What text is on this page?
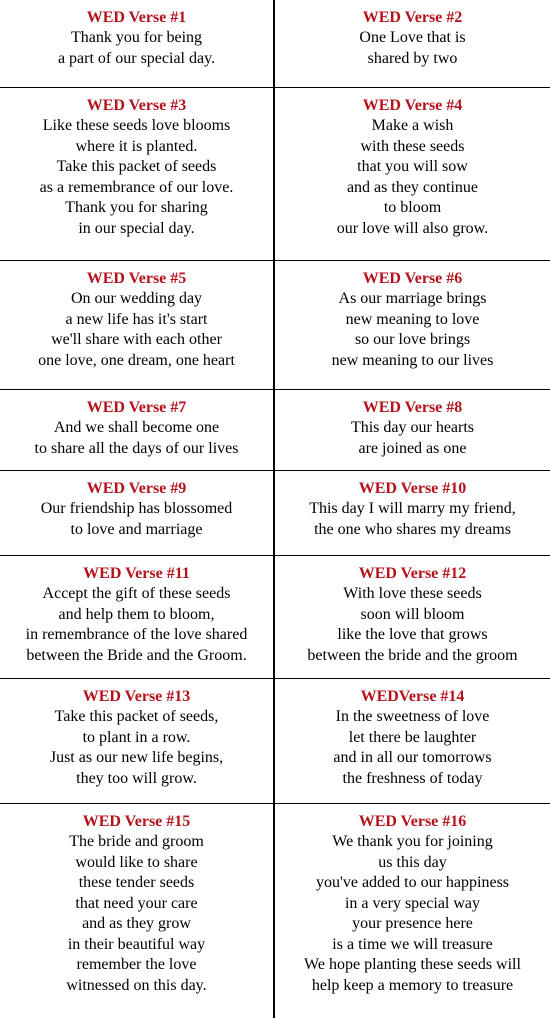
WED Verse #1
Thank you for being
a part of our special day.
WED Verse #2
One Love that is
shared by two
WED Verse #3
Like these seeds love blooms
where it is planted.
Take this packet of seeds
as a remembrance of our love.
Thank you for sharing
in our special day.
WED Verse #4
Make a wish
with these seeds
that you will sow
and as they continue
to bloom
our love will also grow.
WED Verse #5
On our wedding day
a new life has it's start
we'll share with each other
one love, one dream, one heart
WED Verse #6
As our marriage brings
new meaning to love
so our love brings
new meaning to our lives
WED Verse #7
And we shall become one
to share all the days of our lives
WED Verse #8
This day our hearts
are joined as one
WED Verse #9
Our friendship has blossomed
to love and marriage
WED Verse #10
This day I will marry my friend,
the one who shares my dreams
WED Verse #11
Accept the gift of these seeds
and help them to bloom,
in remembrance of the love shared
between the Bride and the Groom.
WED Verse #12
With love these seeds
soon will bloom
like the love that grows
between the bride and the groom
WED Verse #13
Take this packet of seeds,
to plant in a row.
Just as our new life begins,
they too will grow.
WEDVerse #14
In the sweetness of love
let there be laughter
and in all our tomorrows
the freshness of today
WED Verse #15
The bride and groom
would like to share
these tender seeds
that need your care
and as they grow
in their beautiful way
remember the love
witnessed on this day.
WED Verse #16
We thank you for joining
us this day
you've added to our happiness
in a very special way
your presence here
is a time we will treasure
We hope planting these seeds will
help keep a memory to treasure
